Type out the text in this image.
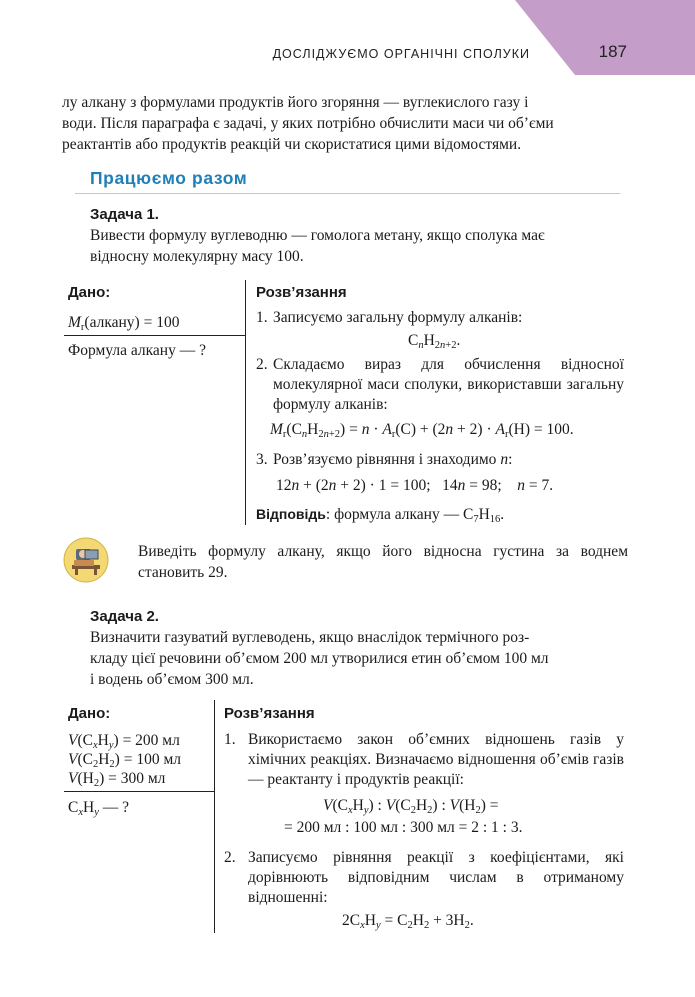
ДОСЛІДЖУЄМО ОРГАНІЧНІ СПОЛУКИ	187

лу алкану з формулами продуктів його згоряння — вуглекислого газу і

води. Після параграфа є задачі, у яких потрібно обчислити маси чи об’єми

реактантів або продуктів реакцій чи скористатися цими відомостями.

Працюємо разом
Задача 1.
Вивести формулу вуглеводню — гомолога метану, якщо сполука має
відносну молекулярну масу 100.
Дано:	Розв’язання
$M_r(алкану) = 100$
Формула алкану — ?
1. Записуємо загальну формулу алканів:
$C_nH_{2n+2}$.
2. Складаємо вираз для обчислення відносної молекулярної маси сполуки, використавши загальну формулу алканів:
$M_r(C_nH_{2n+2}) = n \cdot A_r(C) + (2n + 2) \cdot A_r(H) = 100$.
3. Розв’язуємо рівняння і знаходимо n:
12n + (2n + 2) · 1 = 100;   14n = 98;    n = 7.
Відповідь: формула алкану — $C_7H_{16}$.
Виведіть формулу алкану, якщо його відносна густина за воднем становить 29.
Задача 2.
Визначити газуватий вуглеводень, якщо внаслідок термічного роз-
кладу цієї речовини об’ємом 200 мл утворилися етин об’ємом 100 мл
і водень об’ємом 300 мл.
Дано:	Розв’язання
$V(C_xH_y) = 200$ мл
$V(C_2H_2) = 100$ мл
$V(H_2) = 300$ мл
$C_xH_y$ — ?
1. Використаємо закон об’ємних відношень газів у хімічних реакціях. Визначаємо відношення об’ємів газів — реактанту і продуктів реакції:
$V(C_xH_y)$ : $V(C_2H_2)$ : $V(H_2)$ =
= 200 мл : 100 мл : 300 мл = 2 : 1 : 3.
2. Записуємо рівняння реакції з коефіцієнтами, які дорівнюють відповідним числам в отриманому відношенні:
$2C_xH_y = C_2H_2 + 3H_2$.
